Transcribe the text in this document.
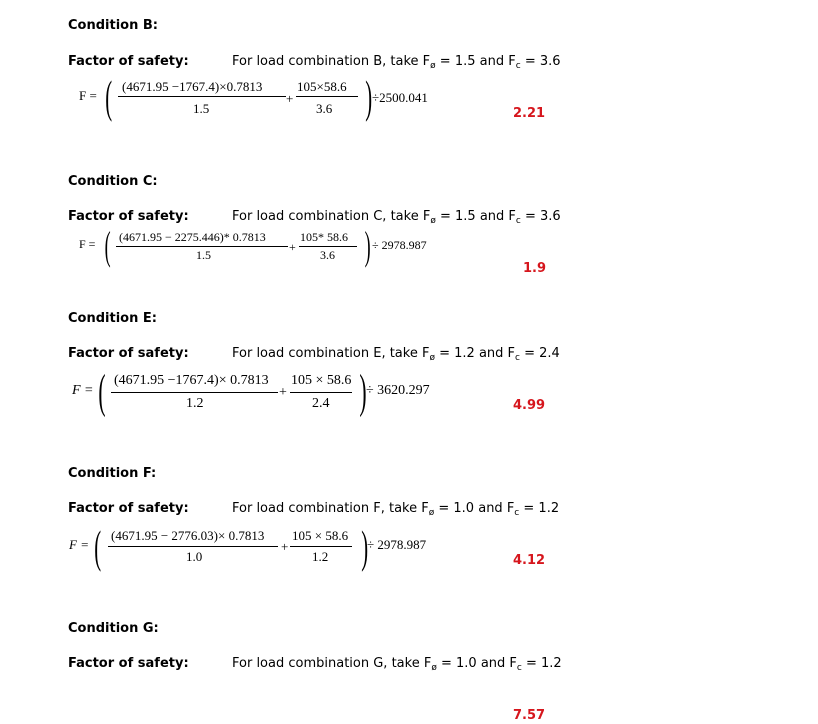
Condition B:
Factor of safety:	For load combination B, take $F_ø = 1.5$ and $F_c = 3.6$
F = ( (4671.95 −1767.4)×0.7813
1.5
+
105×58.6
3.6 ) ÷2500.041
2.21
Condition C:
Factor of safety:	For load combination C, take $F_ø = 1.5$ and $F_c = 3.6$
F = ( (4671.95 − 2275.446)* 0.7813
1.5
+
105* 58.6
3.6 ) ÷ 2978.987
1.9
Condition E:
Factor of safety:	For load combination E, take $F_ø = 1.2$ and $F_c = 2.4$
F = ( (4671.95 −1767.4)× 0.7813
1.2
+
105 × 58.6
2.4 ) ÷ 3620.297
4.99
Condition F:
Factor of safety:	For load combination F, take $F_ø = 1.0$ and $F_c = 1.2$
F = ( (4671.95 − 2776.03)× 0.7813
1.0
+
105 × 58.6
1.2 )
÷ 2978.987
4.12
Condition G:
Factor of safety:	For load combination G, take $F_ø = 1.0$ and $F_c = 1.2$
7.57
